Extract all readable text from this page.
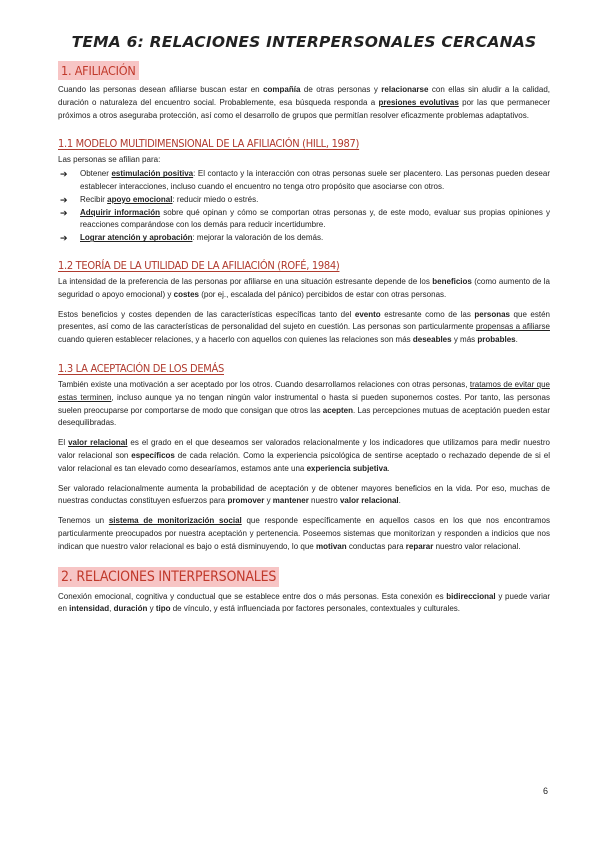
TEMA 6: RELACIONES INTERPERSONALES CERCANAS
1. AFILIACIÓN

Cuando las personas desean afiliarse buscan estar en compañía de otras personas y relacionarse con ellas sin aludir a la calidad, duración o naturaleza del encuentro social. Probablemente, esa búsqueda responda a presiones evolutivas por las que permanecer próximos a otros aseguraba protección, así como el desarrollo de grupos que permitían resolver eficazmente problemas adaptativos.

1.1 MODELO MULTIDIMENSIONAL DE LA AFILIACIÓN (HILL, 1987)

Las personas se afilian para:

➔ Obtener estimulación positiva: El contacto y la interacción con otras personas suele ser placentero. Las personas pueden desear establecer interacciones, incluso cuando el encuentro no tenga otro propósito que asociarse con otros.
➔ Recibir apoyo emocional: reducir miedo o estrés.
➔ Adquirir información sobre qué opinan y cómo se comportan otras personas y, de este modo, evaluar sus propias opiniones y reacciones comparándose con los demás para reducir incertidumbre.
➔ Lograr atención y aprobación: mejorar la valoración de los demás.
1.2 TEORÍA DE LA UTILIDAD DE LA AFILIACIÓN (ROFÉ, 1984)

La intensidad de la preferencia de las personas por afiliarse en una situación estresante depende de los beneficios (como aumento de la seguridad o apoyo emocional) y costes (por ej., escalada del pánico) percibidos de estar con otras personas.

Estos beneficios y costes dependen de las características específicas tanto del evento estresante como de las personas que estén presentes, así como de las características de personalidad del sujeto en cuestión. Las personas son particularmente propensas a afiliarse cuando quieren establecer relaciones, y a hacerlo con aquellos con quienes las relaciones son más deseables y más probables.

1.3 LA ACEPTACIÓN DE LOS DEMÁS

También existe una motivación a ser aceptado por los otros. Cuando desarrollamos relaciones con otras personas, tratamos de evitar que estas terminen, incluso aunque ya no tengan ningún valor instrumental o hasta si pueden suponernos costes. Por tanto, las personas suelen preocuparse por comportarse de modo que consigan que otros las acepten. Las percepciones mutuas de aceptación pueden estar desequilibradas.

El valor relacional es el grado en el que deseamos ser valorados relacionalmente y los indicadores que utilizamos para medir nuestro valor relacional son específicos de cada relación. Como la experiencia psicológica de sentirse aceptado o rechazado depende de si el valor relacional es tan elevado como desearíamos, estamos ante una experiencia subjetiva.

Ser valorado relacionalmente aumenta la probabilidad de aceptación y de obtener mayores beneficios en la vida. Por eso, muchas de nuestras conductas constituyen esfuerzos para promover y mantener nuestro valor relacional.

Tenemos un sistema de monitorización social que responde específicamente en aquellos casos en los que nos encontramos particularmente preocupados por nuestra aceptación y pertenencia. Poseemos sistemas que monitorizan y responden a indicios que nos indican que nuestro valor relacional es bajo o está disminuyendo, lo que motivan conductas para reparar nuestro valor relacional.

2. RELACIONES INTERPERSONALES

Conexión emocional, cognitiva y conductual que se establece entre dos o más personas. Esta conexión es bidireccional y puede variar en intensidad, duración y tipo de vínculo, y está influenciada por factores personales, contextuales y culturales.

6
